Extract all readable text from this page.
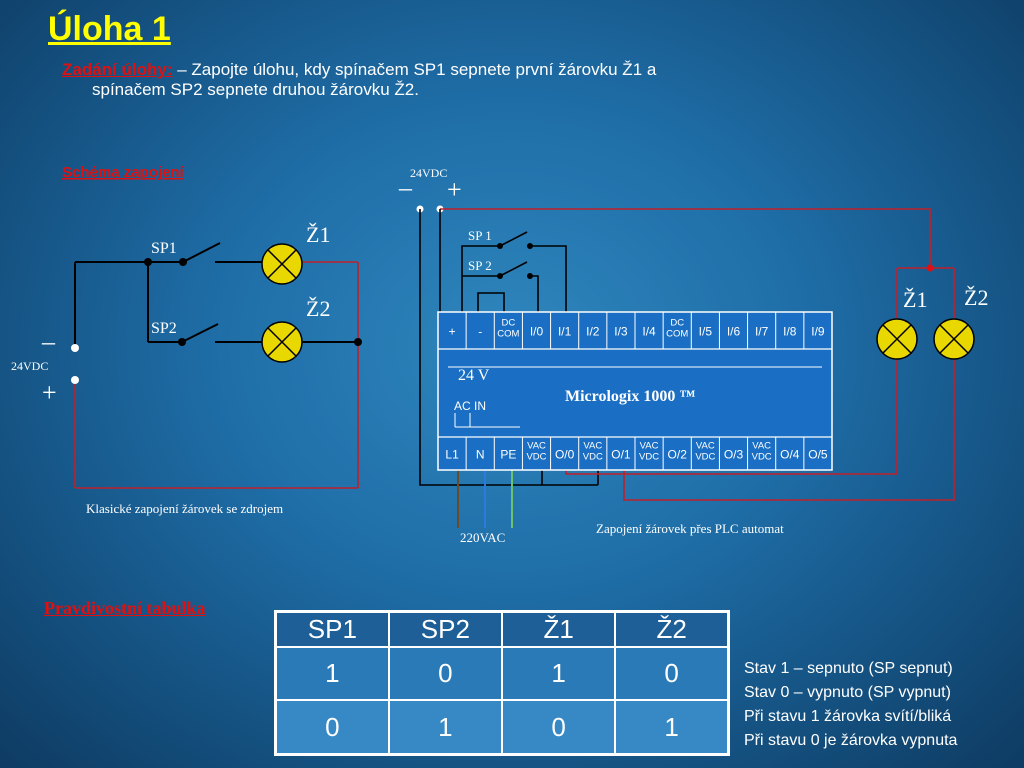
Úloha 1
Zadání úlohy: – Zapojte úlohu, kdy spínačem SP1 sepnete první žárovku Ž1 a
spínačem SP2 sepnete druhou žárovku Ž2.
Schéma zapojení
–
24VDC
+
SP1
SP2
Ž1
Ž2
Klasické zapojení žárovek se zdrojem
24VDC
– +
SP 1
SP 2
+ -
DC
COM I/0 I/1 I/2 I/3 I/4
DC
COM I/5 I/6 I/7 I/8 I/9
L1 N PE
VAC
VDC O/0
VAC
VDC O/1
VAC
VDC O/2
VAC
VDC O/3
VAC
VDC O/4 O/5
24 V
AC IN
Micrologix 1000 ™
Ž1 Ž2
Zapojení žárovek přes PLC automat
220VAC
Pravdivostní tabulka
SP1	SP2	Ž1	Ž2
1	0	1	0
0	1	0	1
Stav 1 – sepnuto (SP sepnut)
Stav 0 – vypnuto (SP vypnut)
Při stavu 1 žárovka svítí/bliká
Při stavu 0 je žárovka vypnuta
